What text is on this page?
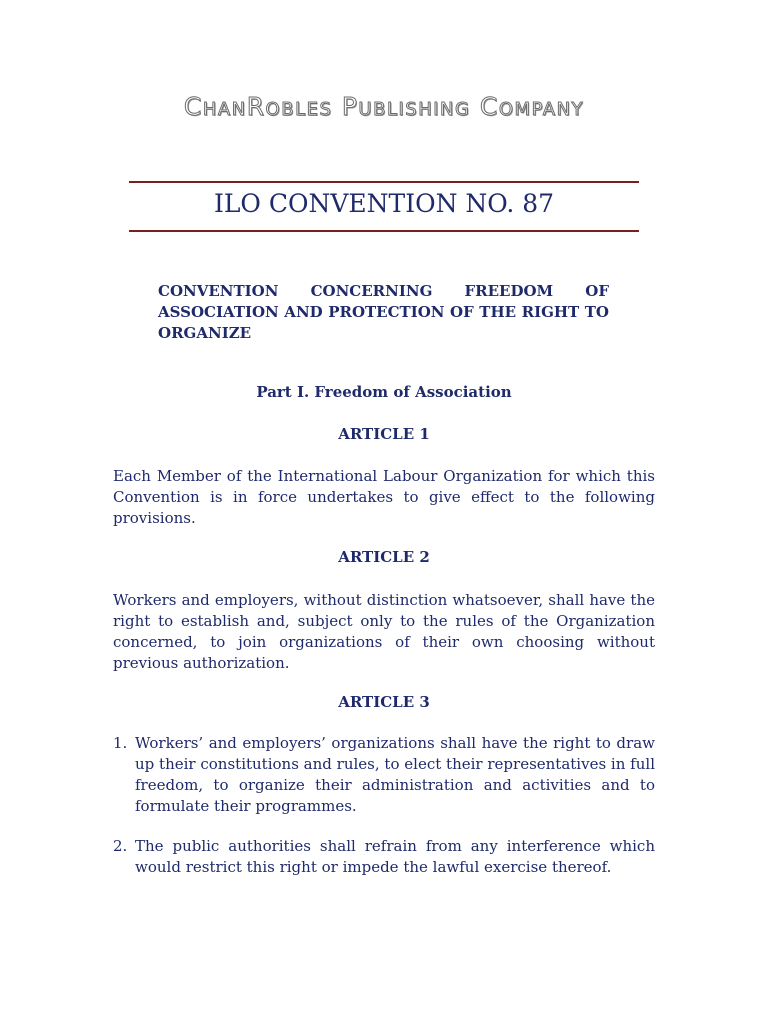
ChanRobles Publishing Company
ILO CONVENTION NO. 87
CONVENTION CONCERNING FREEDOM OF ASSOCIATION AND PROTECTION OF THE RIGHT TO ORGANIZE
Part I. Freedom of Association
ARTICLE 1
Each Member of the International Labour Organization for which this Convention is in force undertakes to give effect to the following provisions.
ARTICLE 2
Workers and employers, without distinction whatsoever, shall have the right to establish and, subject only to the rules of the Organization concerned, to join organizations of their own choosing without previous authorization.
ARTICLE 3
1. Workers’ and employers’ organizations shall have the right to draw up their constitutions and rules, to elect their representatives in full freedom, to organize their administration and activities and to formulate their programmes.
2. The public authorities shall refrain from any interference which would restrict this right or impede the lawful exercise thereof.
